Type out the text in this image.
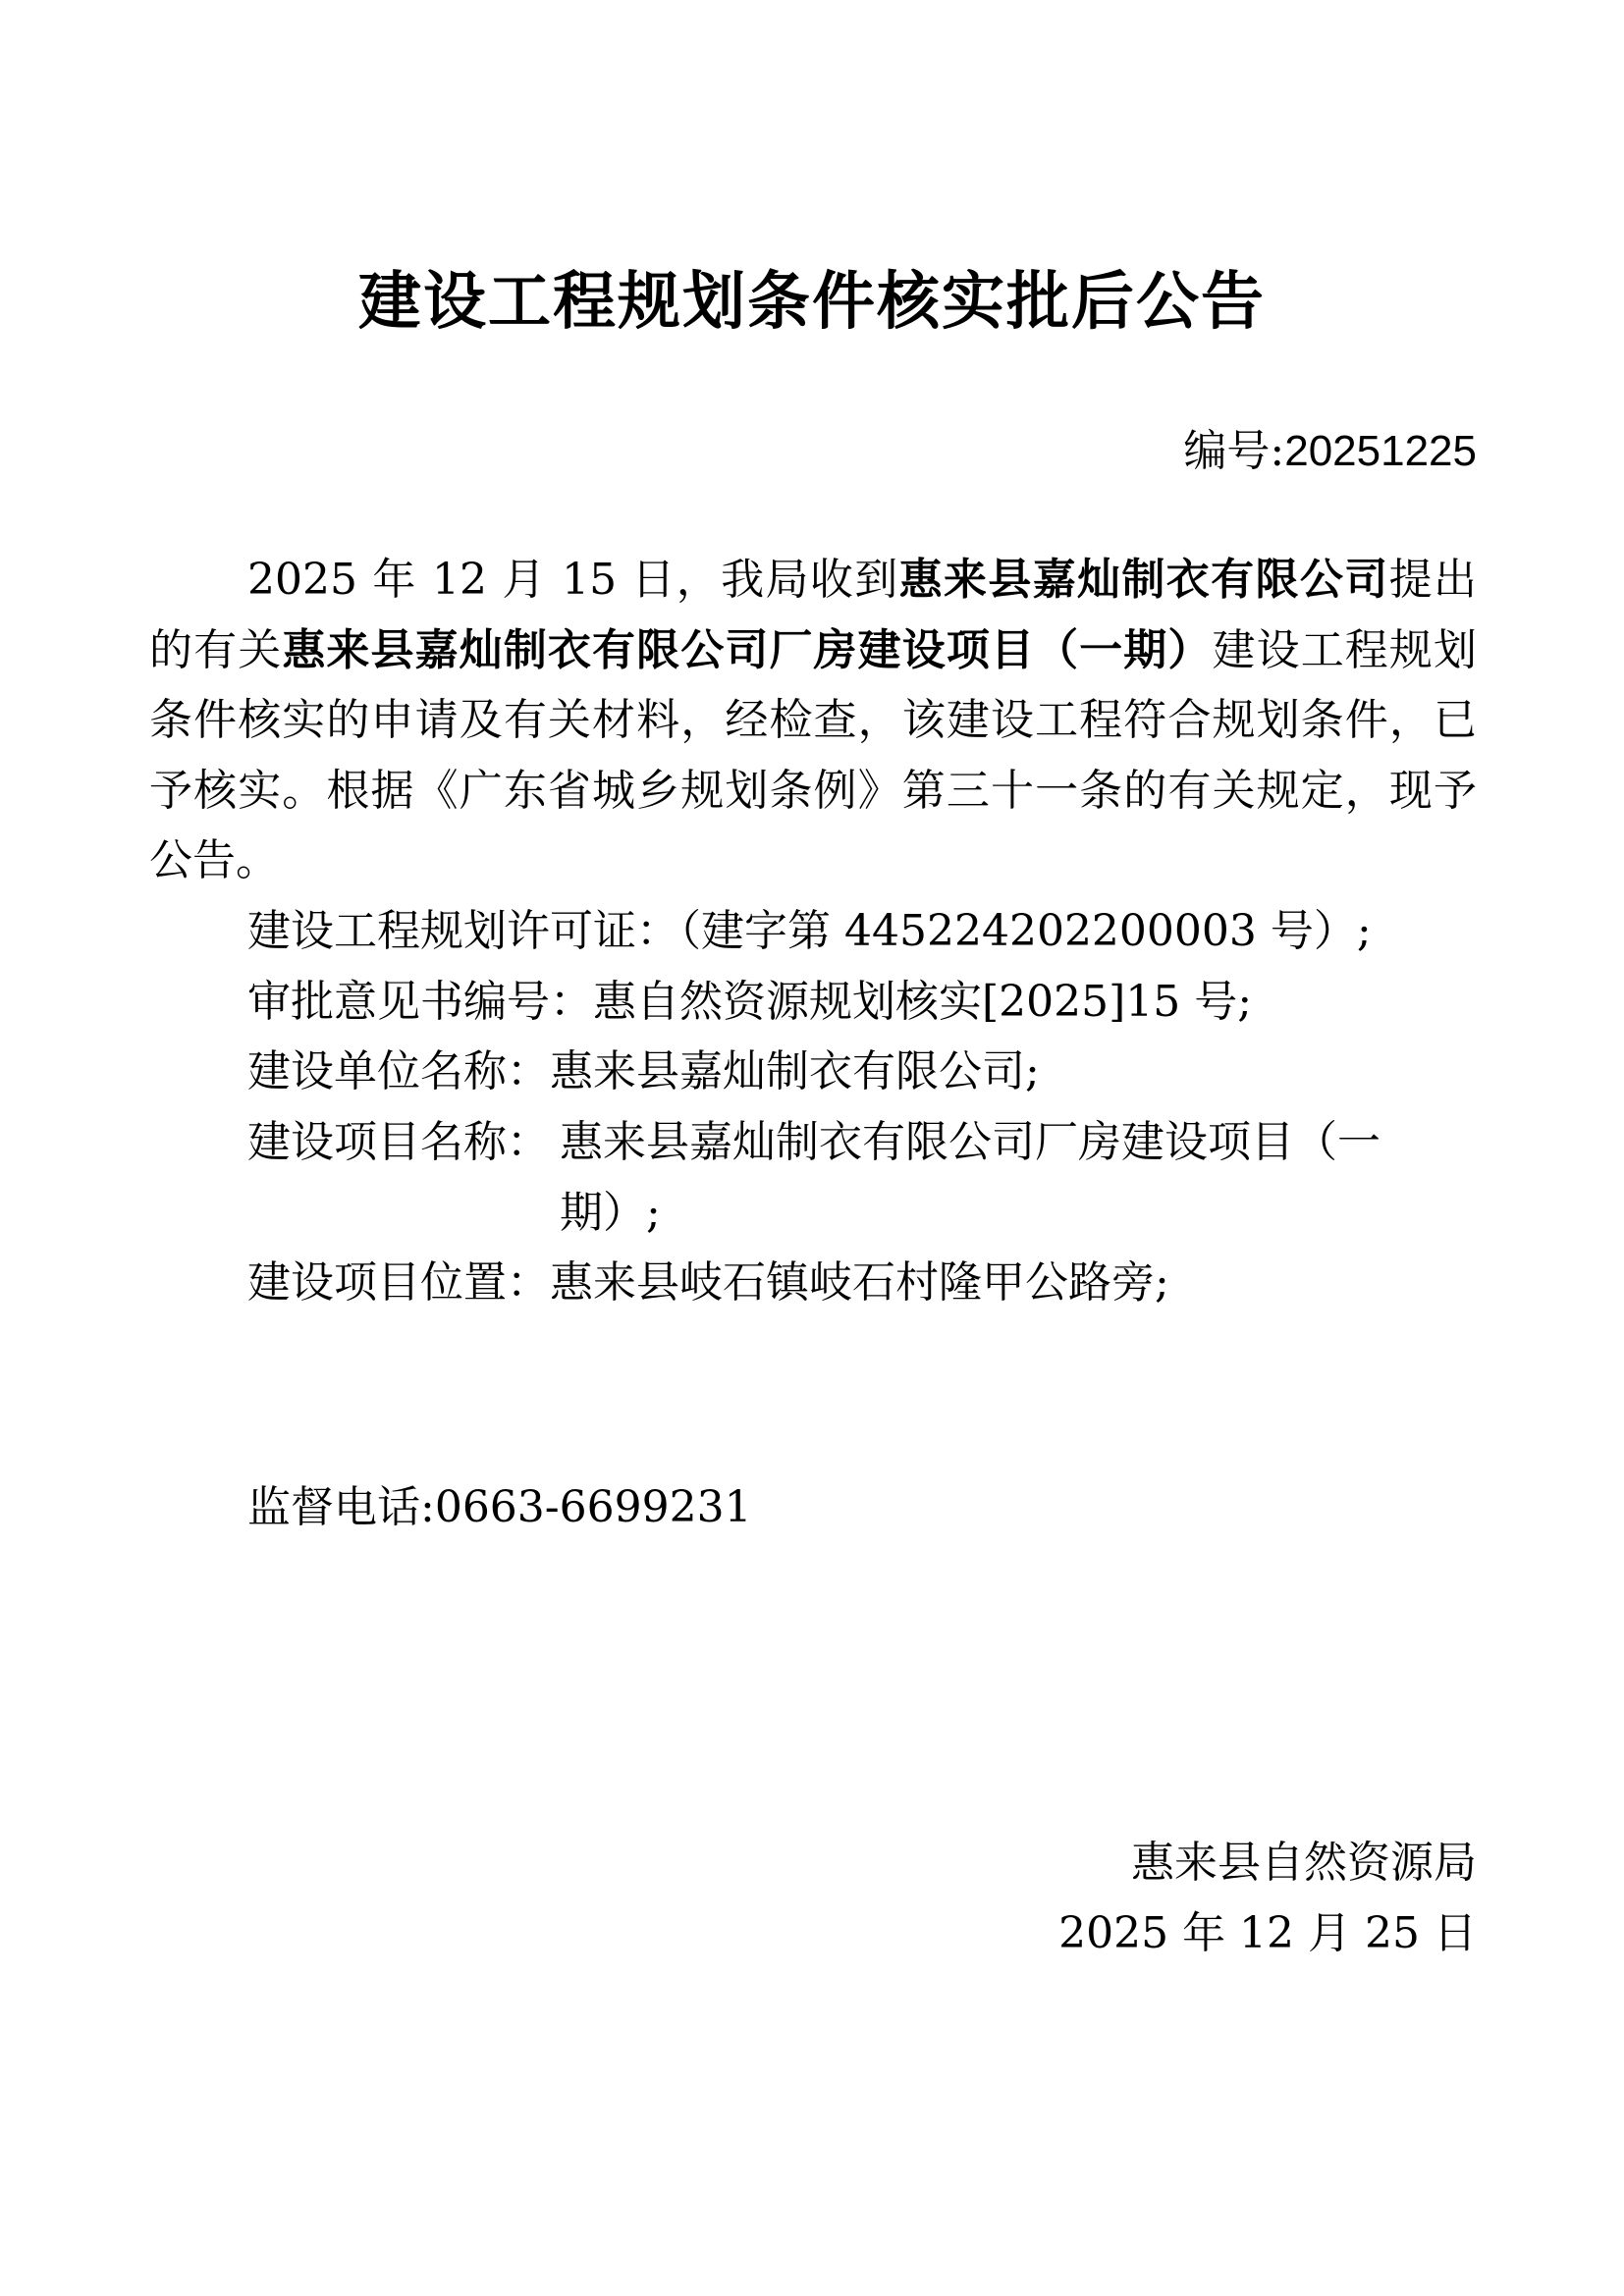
建设工程规划条件核实批后公告
编号:20251225

2025 年 12 月 15 日，我局收到惠来县嘉灿制衣有限公司提出的有关惠来县嘉灿制衣有限公司厂房建设项目（一期）建设工程规划条件核实的申请及有关材料，经检查，该建设工程符合规划条件，已予核实。根据《广东省城乡规划条例》第三十一条的有关规定，现予公告。

建设工程规划许可证：（建字第 445224202200003 号）;
审批意见书编号：惠自然资源规划核实[2025]15 号;
建设单位名称：惠来县嘉灿制衣有限公司;
建设项目名称： 惠来县嘉灿制衣有限公司厂房建设项目（一期）;
建设项目位置：惠来县岐石镇岐石村隆甲公路旁;
监督电话:0663-6699231
惠来县自然资源局
2025 年 12 月 25 日
